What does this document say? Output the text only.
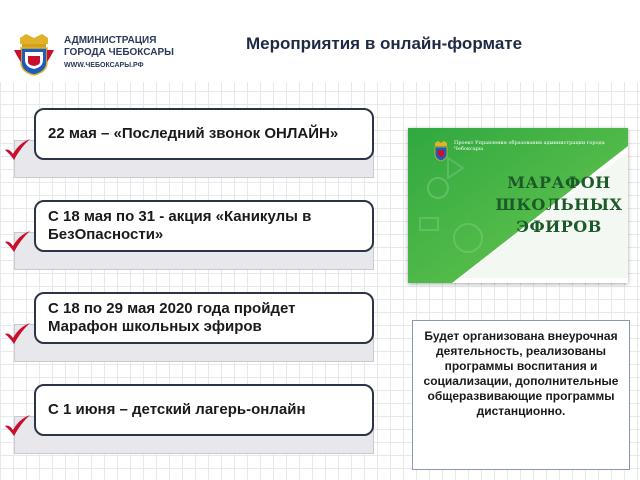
АДМИНИСТРАЦИЯ
ГОРОДА ЧЕБОКСАРЫ
WWW.ЧЕБОКСАРЫ.РФ
Мероприятия в онлайн-формате
22 мая – «Последний звонок ОНЛАЙН»
С 18 мая по 31 - акция «Каникулы в БезОпасности»
С 18 по 29 мая 2020 года пройдет Марафон школьных эфиров
С 1 июня – детский лагерь-онлайн
Проект Управления образования администрации города Чебоксары
МАРАФОН
ШКОЛЬНЫХ
ЭФИРОВ
Будет организована внеурочная деятельность, реализованы программы воспитания и социализации, дополнительные общеразвивающие программы дистанционно.
